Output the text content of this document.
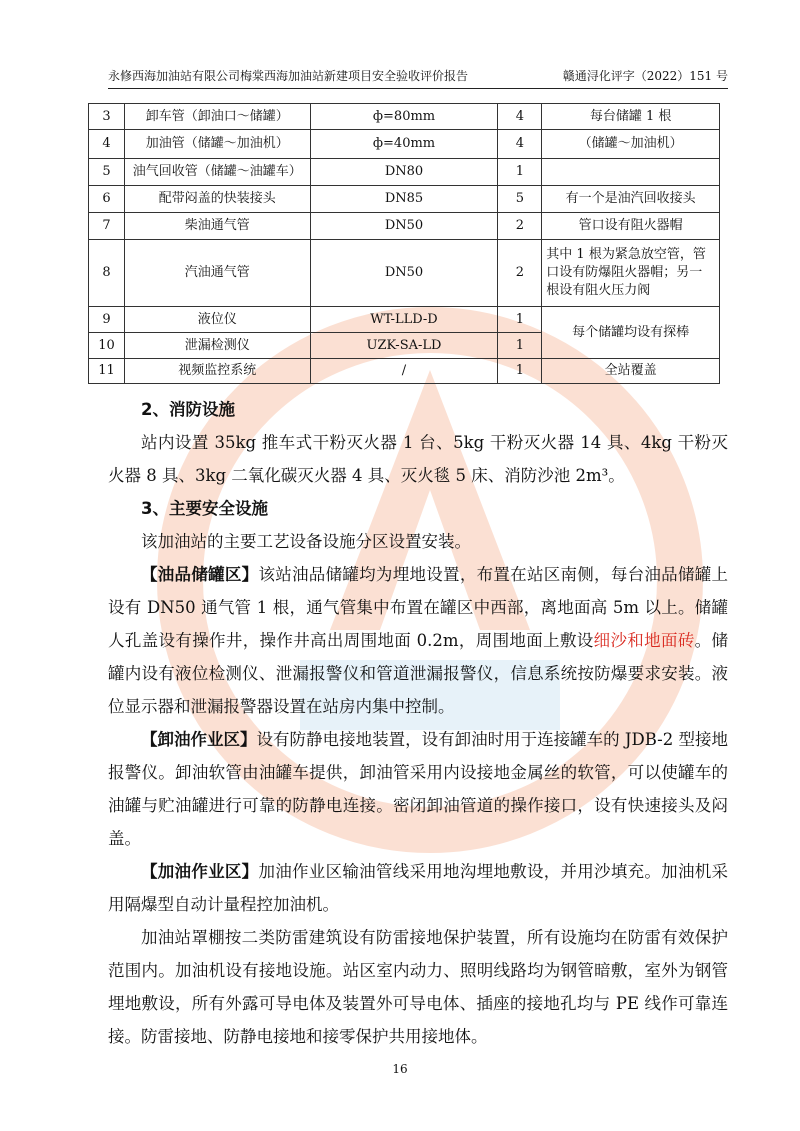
永修西海加油站有限公司梅棠西海加油站新建项目安全验收评价报告	赣通浔化评字（2022）151 号
3	卸车管（卸油口～储罐）	ф=80mm	4	每台储罐 1 根
4	加油管（储罐～加油机）	ф=40mm	4	（储罐～加油机）
5	油气回收管（储罐～油罐车）	DN80	1	
6	配带闷盖的快装接头	DN85	5	有一个是油汽回收接头
7	柴油通气管	DN50	2	管口设有阻火器帽
8	汽油通气管	DN50	2	其中 1 根为紧急放空管，管口设有防爆阻火器帽；另一根设有阻火压力阀
9	液位仪	WT-LLD-D	1	每个储罐均设有探棒
10	泄漏检测仪	UZK-SA-LD	1	
11	视频监控系统	/	1	全站覆盖
2、消防设施

站内设置 35kg 推车式干粉灭火器 1 台、5kg 干粉灭火器 14 具、4kg 干粉灭火器 8 具、3kg 二氧化碳灭火器 4 具、灭火毯 5 床、消防沙池 2m³。

3、主要安全设施

该加油站的主要工艺设备设施分区设置安装。

【油品储罐区】该站油品储罐均为埋地设置，布置在站区南侧，每台油品储罐上设有 DN50 通气管 1 根，通气管集中布置在罐区中西部，离地面高 5m 以上。储罐人孔盖设有操作井，操作井高出周围地面 0.2m，周围地面上敷设细沙和地面砖。储罐内设有液位检测仪、泄漏报警仪和管道泄漏报警仪，信息系统按防爆要求安装。液位显示器和泄漏报警器设置在站房内集中控制。

【卸油作业区】设有防静电接地装置，设有卸油时用于连接罐车的 JDB-2 型接地报警仪。卸油软管由油罐车提供，卸油管采用内设接地金属丝的软管，可以使罐车的油罐与贮油罐进行可靠的防静电连接。密闭卸油管道的操作接口，设有快速接头及闷盖。

【加油作业区】加油作业区输油管线采用地沟埋地敷设，并用沙填充。加油机采用隔爆型自动计量程控加油机。

加油站罩棚按二类防雷建筑设有防雷接地保护装置，所有设施均在防雷有效保护范围内。加油机设有接地设施。站区室内动力、照明线路均为钢管暗敷，室外为钢管埋地敷设，所有外露可导电体及装置外可导电体、插座的接地孔均与 PE 线作可靠连接。防雷接地、防静电接地和接零保护共用接地体。

16
